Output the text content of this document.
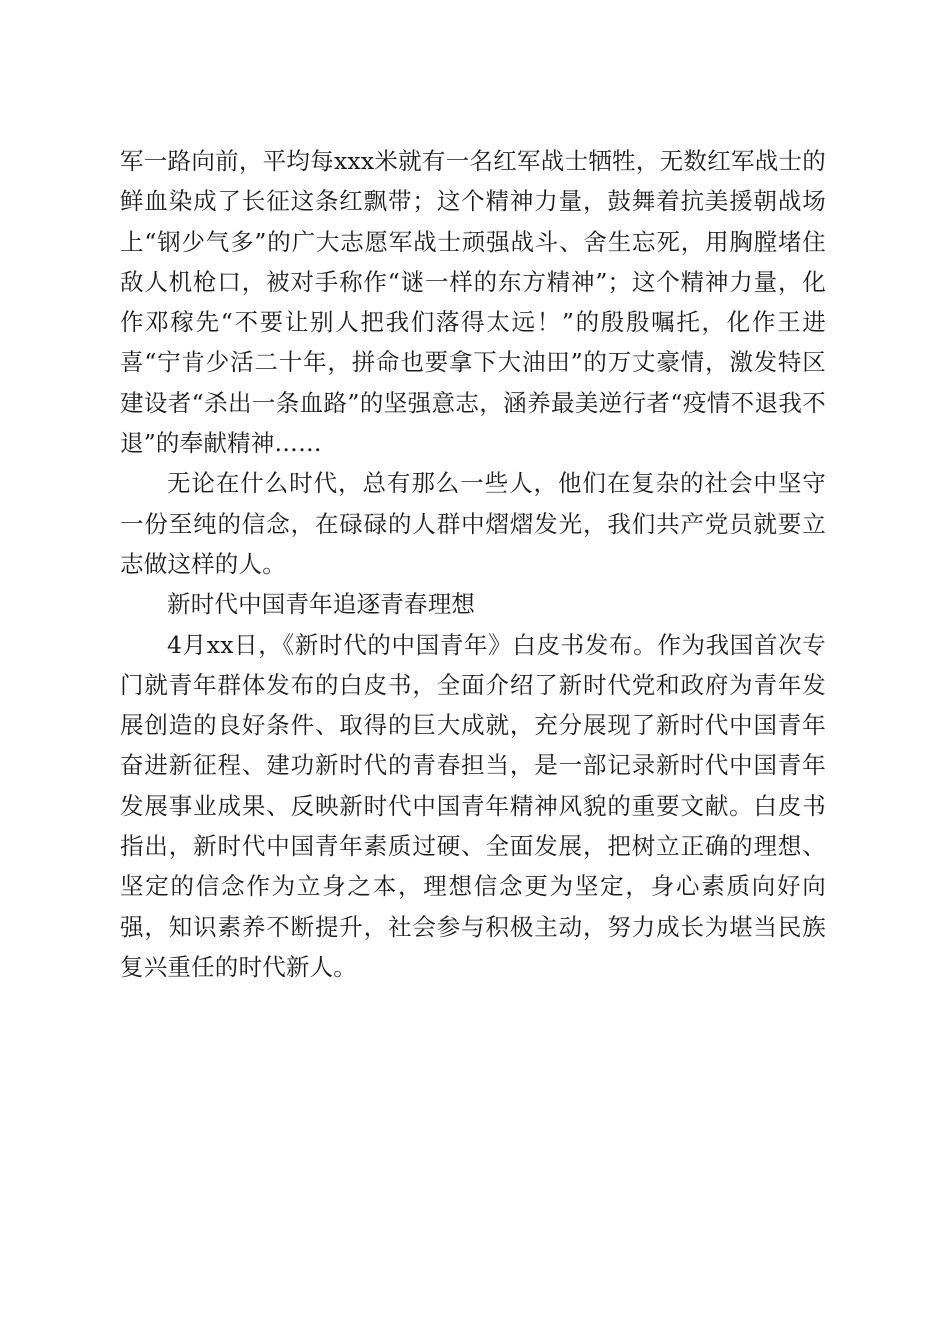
军一路向前，平均每xxx米就有一名红军战士牺牲，无数红军战士的鲜血染成了长征这条红飘带；这个精神力量，鼓舞着抗美援朝战场上“钢少气多”的广大志愿军战士顽强战斗、舍生忘死，用胸膛堵住敌人机枪口，被对手称作“谜一样的东方精神”；这个精神力量，化作邓稼先“不要让别人把我们落得太远！”的殷殷嘱托，化作王进喜“宁肯少活二十年，拼命也要拿下大油田”的万丈豪情，激发特区建设者“杀出一条血路”的坚强意志，涵养最美逆行者“疫情不退我不退”的奉献精神……

无论在什么时代，总有那么一些人，他们在复杂的社会中坚守一份至纯的信念，在碌碌的人群中熠熠发光，我们共产党员就要立志做这样的人。

新时代中国青年追逐青春理想

4月xx日，《新时代的中国青年》白皮书发布。作为我国首次专门就青年群体发布的白皮书，全面介绍了新时代党和政府为青年发展创造的良好条件、取得的巨大成就，充分展现了新时代中国青年奋进新征程、建功新时代的青春担当，是一部记录新时代中国青年发展事业成果、反映新时代中国青年精神风貌的重要文献。白皮书指出，新时代中国青年素质过硬、全面发展，把树立正确的理想、坚定的信念作为立身之本，理想信念更为坚定，身心素质向好向强，知识素养不断提升，社会参与积极主动，努力成长为堪当民族复兴重任的时代新人。
